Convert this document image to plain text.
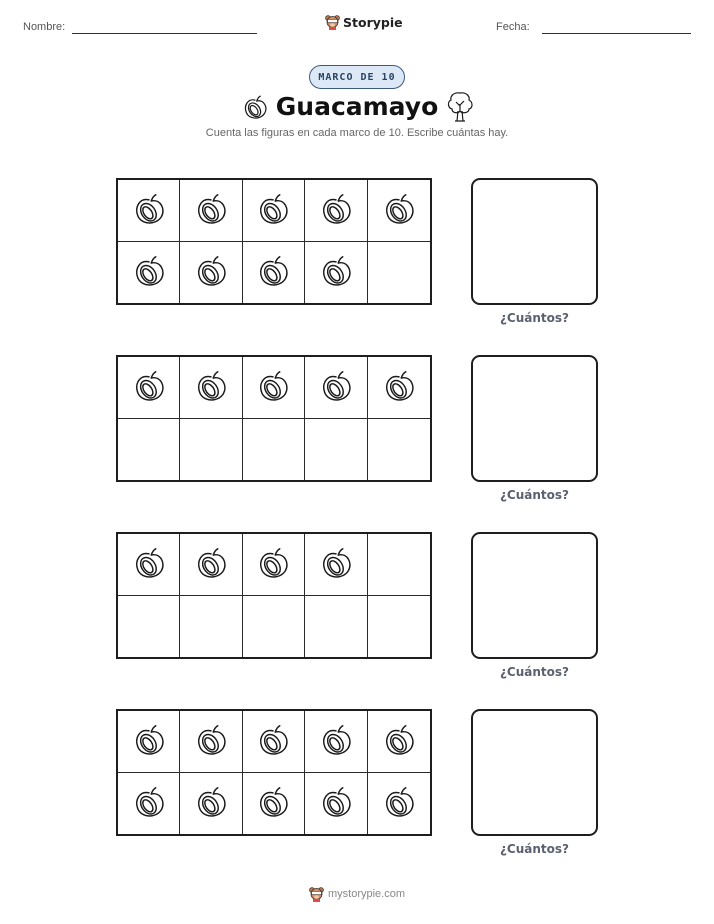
Nombre:	Storypie	Fecha:
MARCO DE 10
Guacamayo
Cuenta las figuras en cada marco de 10. Escribe cuántas hay.
¿Cuántos?
¿Cuántos?
¿Cuántos?
¿Cuántos?
mystorypie.com
